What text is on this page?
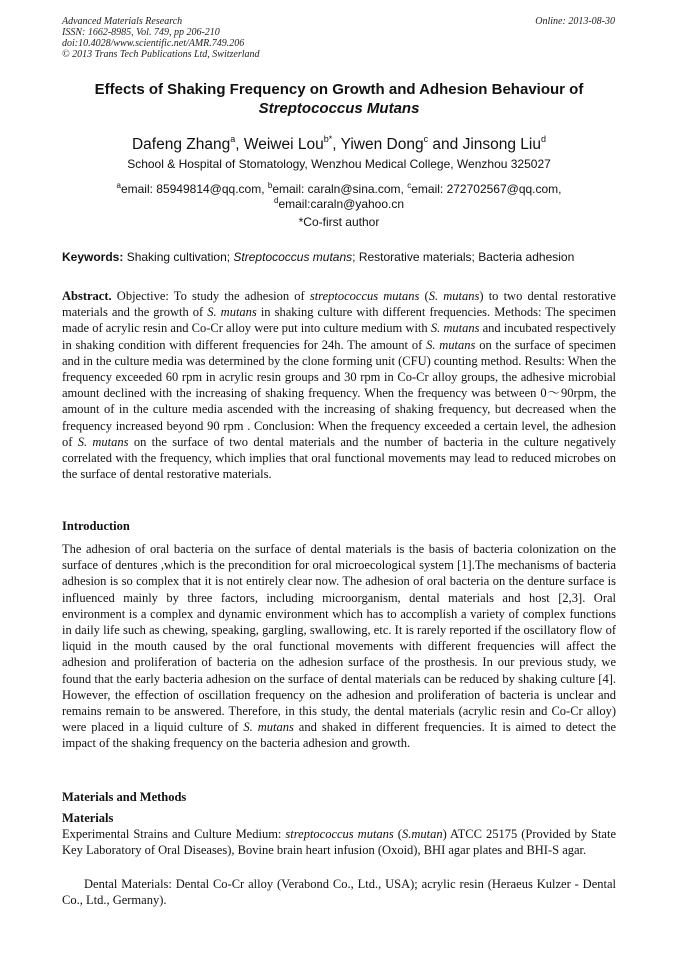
Advanced Materials Research
ISSN: 1662-8985, Vol. 749, pp 206-210
doi:10.4028/www.scientific.net/AMR.749.206
© 2013 Trans Tech Publications Ltd, Switzerland
Online: 2013-08-30
Effects of Shaking Frequency on Growth and Adhesion Behaviour of
Streptococcus Mutans
Dafeng Zhang$^a$, Weiwei Lou$^{b*}$, Yiwen Dong$^c$ and Jinsong Liu$^d$
School & Hospital of Stomatology, Wenzhou Medical College, Wenzhou 325027
$^a$email: 85949814@qq.com, $^b$email: caraln@sina.com, $^c$email: 272702567@qq.com,
$^d$email:caraln@yahoo.cn
*Co-first author
Keywords: Shaking cultivation; Streptococcus mutans; Restorative materials; Bacteria adhesion
Abstract. Objective: To study the adhesion of streptococcus mutans (S. mutans) to two dental restorative materials and the growth of S. mutans in shaking culture with different frequencies. Methods: The specimen made of acrylic resin and Co-Cr alloy were put into culture medium with S. mutans and incubated respectively in shaking condition with different frequencies for 24h. The amount of S. mutans on the surface of specimen and in the culture media was determined by the clone forming unit (CFU) counting method. Results: When the frequency exceeded 60 rpm in acrylic resin groups and 30 rpm in Co-Cr alloy groups, the adhesive microbial amount declined with the increasing of shaking frequency. When the frequency was between 0～90rpm, the amount of in the culture media ascended with the increasing of shaking frequency, but decreased when the frequency increased beyond 90 rpm . Conclusion: When the frequency exceeded a certain level, the adhesion of S. mutans on the surface of two dental materials and the number of bacteria in the culture negatively correlated with the frequency, which implies that oral functional movements may lead to reduced microbes on the surface of dental restorative materials.
Introduction
The adhesion of oral bacteria on the surface of dental materials is the basis of bacteria colonization on the surface of dentures ,which is the precondition for oral microecological system [1].The mechanisms of bacteria adhesion is so complex that it is not entirely clear now. The adhesion of oral bacteria on the denture surface is influenced mainly by three factors, including microorganism, dental materials and host [2,3]. Oral environment is a complex and dynamic environment which has to accomplish a variety of complex functions in daily life such as chewing, speaking, gargling, swallowing, etc. It is rarely reported if the oscillatory flow of liquid in the mouth caused by the oral functional movements with different frequencies will affect the adhesion and proliferation of bacteria on the adhesion surface of the prosthesis. In our previous study, we found that the early bacteria adhesion on the surface of dental materials can be reduced by shaking culture [4]. However, the effection of oscillation frequency on the adhesion and proliferation of bacteria is unclear and remains remain to be answered. Therefore, in this study, the dental materials (acrylic resin and Co-Cr alloy) were placed in a liquid culture of S. mutans and shaked in different frequencies. It is aimed to detect the impact of the shaking frequency on the bacteria adhesion and growth.
Materials and Methods
Materials
Experimental Strains and Culture Medium: streptococcus mutans (S.mutan) ATCC 25175 (Provided by State Key Laboratory of Oral Diseases), Bovine brain heart infusion (Oxoid), BHI agar plates and BHI-S agar.
Dental Materials: Dental Co-Cr alloy (Verabond Co., Ltd., USA); acrylic resin (Heraeus Kulzer - Dental Co., Ltd., Germany).
